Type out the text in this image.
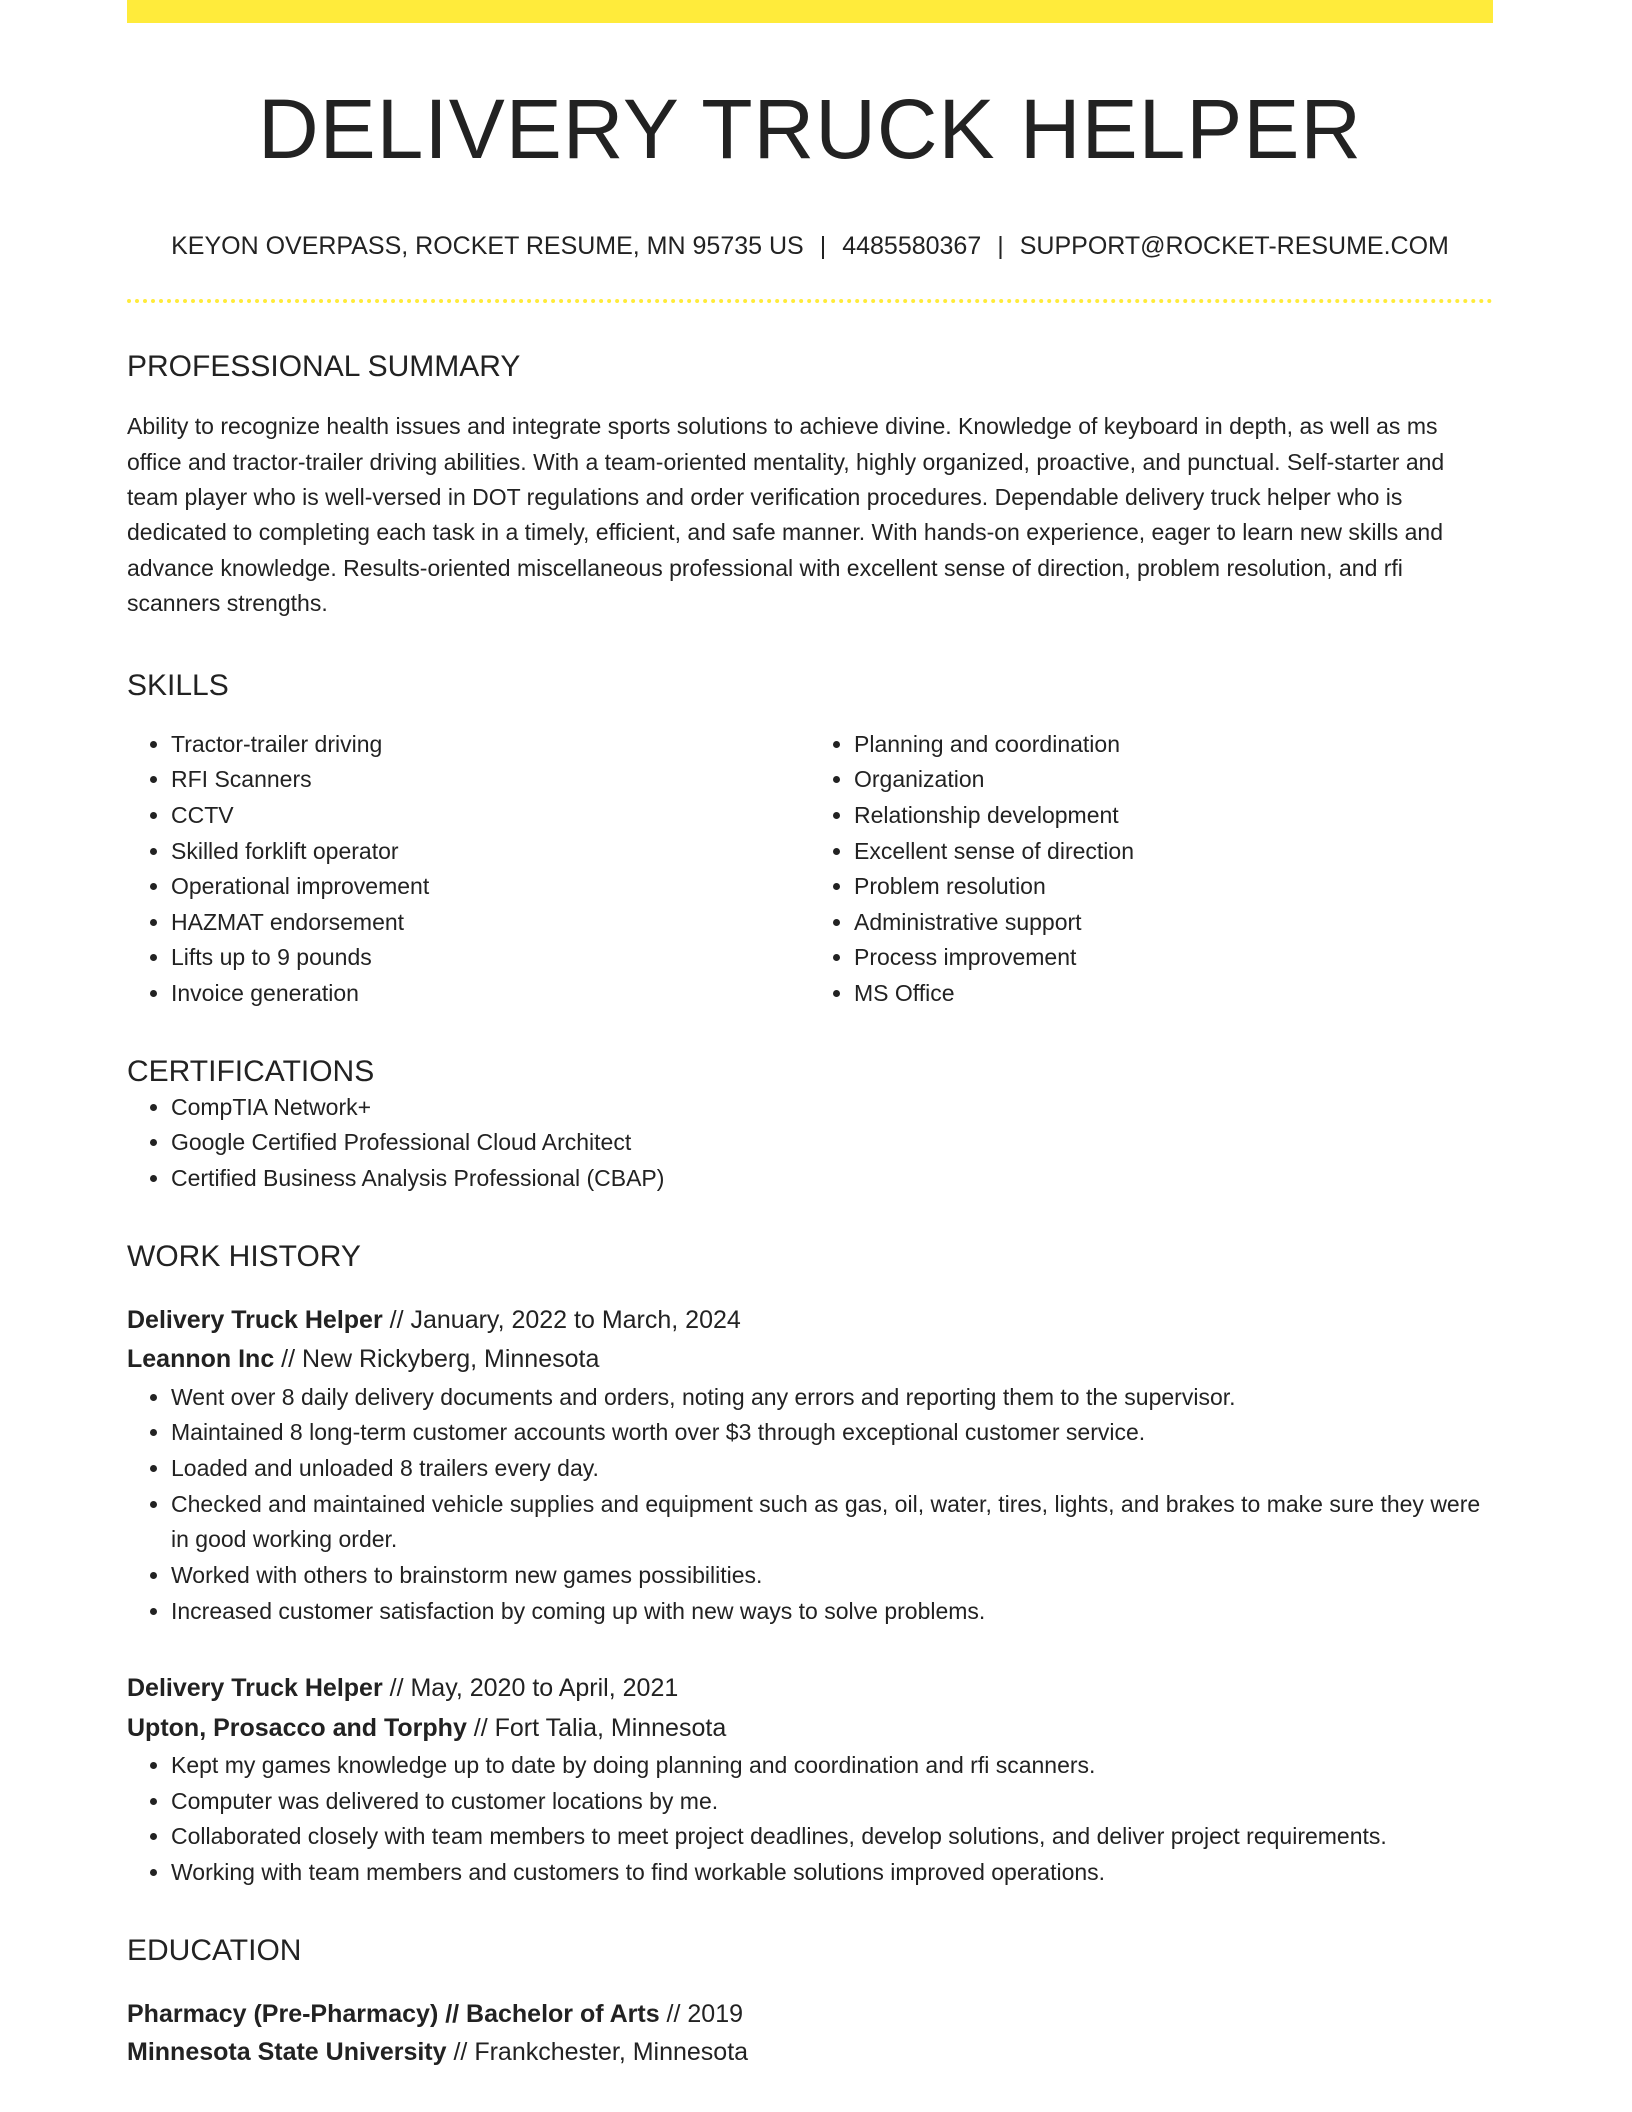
DELIVERY TRUCK HELPER
KEYON OVERPASS, ROCKET RESUME, MN 95735 US | 4485580367 | SUPPORT@ROCKET-RESUME.COM
PROFESSIONAL SUMMARY
Ability to recognize health issues and integrate sports solutions to achieve divine. Knowledge of keyboard in depth, as well as ms office and tractor-trailer driving abilities. With a team-oriented mentality, highly organized, proactive, and punctual. Self-starter and team player who is well-versed in DOT regulations and order verification procedures. Dependable delivery truck helper who is dedicated to completing each task in a timely, efficient, and safe manner. With hands-on experience, eager to learn new skills and advance knowledge. Results-oriented miscellaneous professional with excellent sense of direction, problem resolution, and rfi scanners strengths.
SKILLS
• Tractor-trailer driving
• RFI Scanners
• CCTV
• Skilled forklift operator
• Operational improvement
• HAZMAT endorsement
• Lifts up to 9 pounds
• Invoice generation
• Planning and coordination
• Organization
• Relationship development
• Excellent sense of direction
• Problem resolution
• Administrative support
• Process improvement
• MS Office
CERTIFICATIONS
• CompTIA Network+
• Google Certified Professional Cloud Architect
• Certified Business Analysis Professional (CBAP)
WORK HISTORY
Delivery Truck Helper // January, 2022 to March, 2024
Leannon Inc // New Rickyberg, Minnesota
• Went over 8 daily delivery documents and orders, noting any errors and reporting them to the supervisor.
• Maintained 8 long-term customer accounts worth over $3 through exceptional customer service.
• Loaded and unloaded 8 trailers every day.
• Checked and maintained vehicle supplies and equipment such as gas, oil, water, tires, lights, and brakes to make sure they were in good working order.
• Worked with others to brainstorm new games possibilities.
• Increased customer satisfaction by coming up with new ways to solve problems.
Delivery Truck Helper // May, 2020 to April, 2021
Upton, Prosacco and Torphy // Fort Talia, Minnesota
• Kept my games knowledge up to date by doing planning and coordination and rfi scanners.
• Computer was delivered to customer locations by me.
• Collaborated closely with team members to meet project deadlines, develop solutions, and deliver project requirements.
• Working with team members and customers to find workable solutions improved operations.
EDUCATION
Pharmacy (Pre-Pharmacy) // Bachelor of Arts // 2019
Minnesota State University // Frankchester, Minnesota
